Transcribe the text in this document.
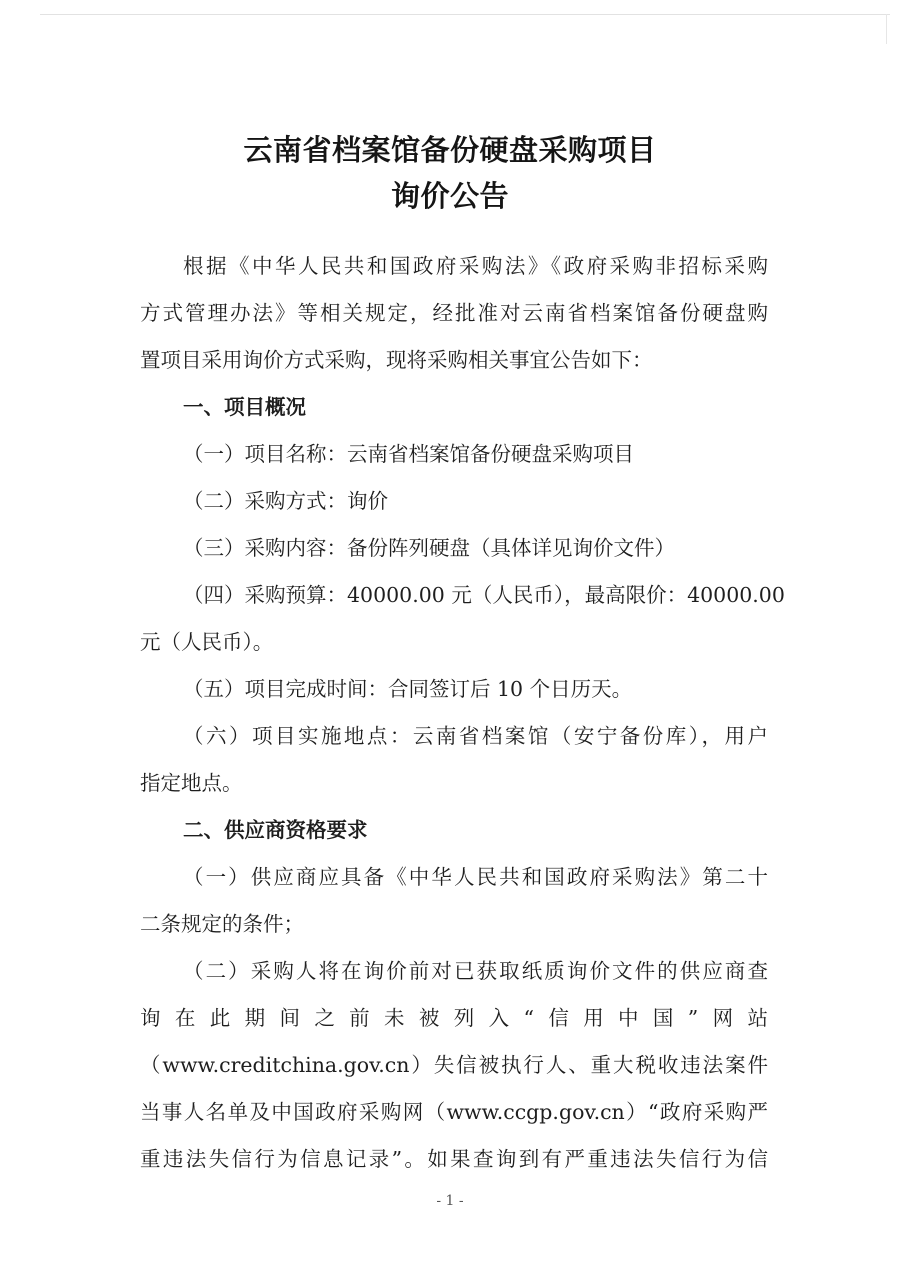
云南省档案馆备份硬盘采购项目
询价公告
根据《中华人民共和国政府采购法》《政府采购非招标采购
方式管理办法》等相关规定，经批准对云南省档案馆备份硬盘购
置项目采用询价方式采购，现将采购相关事宜公告如下：
一、项目概况
（一）项目名称：云南省档案馆备份硬盘采购项目
（二）采购方式：询价
（三）采购内容：备份阵列硬盘（具体详见询价文件）
（四）采购预算：40000.00 元（人民币），最高限价：40000.00
元（人民币）。
（五）项目完成时间：合同签订后 10 个日历天。
（六）项目实施地点：云南省档案馆（安宁备份库），用户
指定地点。
二、供应商资格要求
（一）供应商应具备《中华人民共和国政府采购法》第二十
二条规定的条件；
（二）采购人将在询价前对已获取纸质询价文件的供应商查
询在此期间之前未被列入“信用中国”网站
（www.creditchina.gov.cn）失信被执行人、重大税收违法案件
当事人名单及中国政府采购网（www.ccgp.gov.cn）“政府采购严
重违法失信行为信息记录”。如果查询到有严重违法失信行为信
- 1 -
